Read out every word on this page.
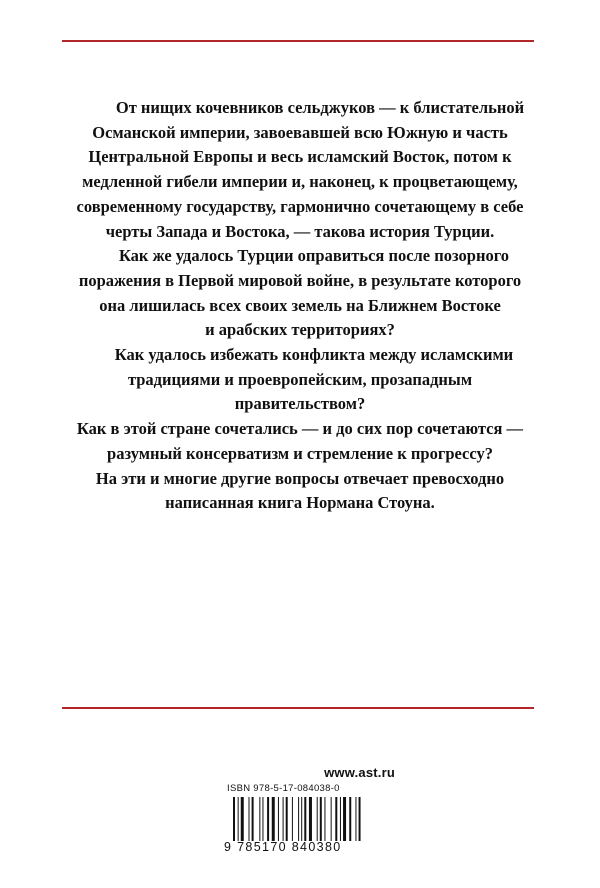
От нищих кочевников сельджуков — к блистательной
Османской империи, завоевавшей всю Южную и часть
Центральной Европы и весь исламский Восток, потом к
медленной гибели империи и, наконец, к процветающему,
современному государству, гармонично сочетающему в себе
черты Запада и Востока, — такова история Турции.
Как же удалось Турции оправиться после позорного
поражения в Первой мировой войне, в результате которого
она лишилась всех своих земель на Ближнем Востоке
и арабских территориях?
Как удалось избежать конфликта между исламскими
традициями и проевропейским, прозападным
правительством?
Как в этой стране сочетались — и до сих пор сочетаются —
разумный консерватизм и стремление к прогрессу?
На эти и многие другие вопросы отвечает превосходно
написанная книга Нормана Стоуна.
www.ast.ru
ISBN 978-5-17-084038-0
9 785170 840380
